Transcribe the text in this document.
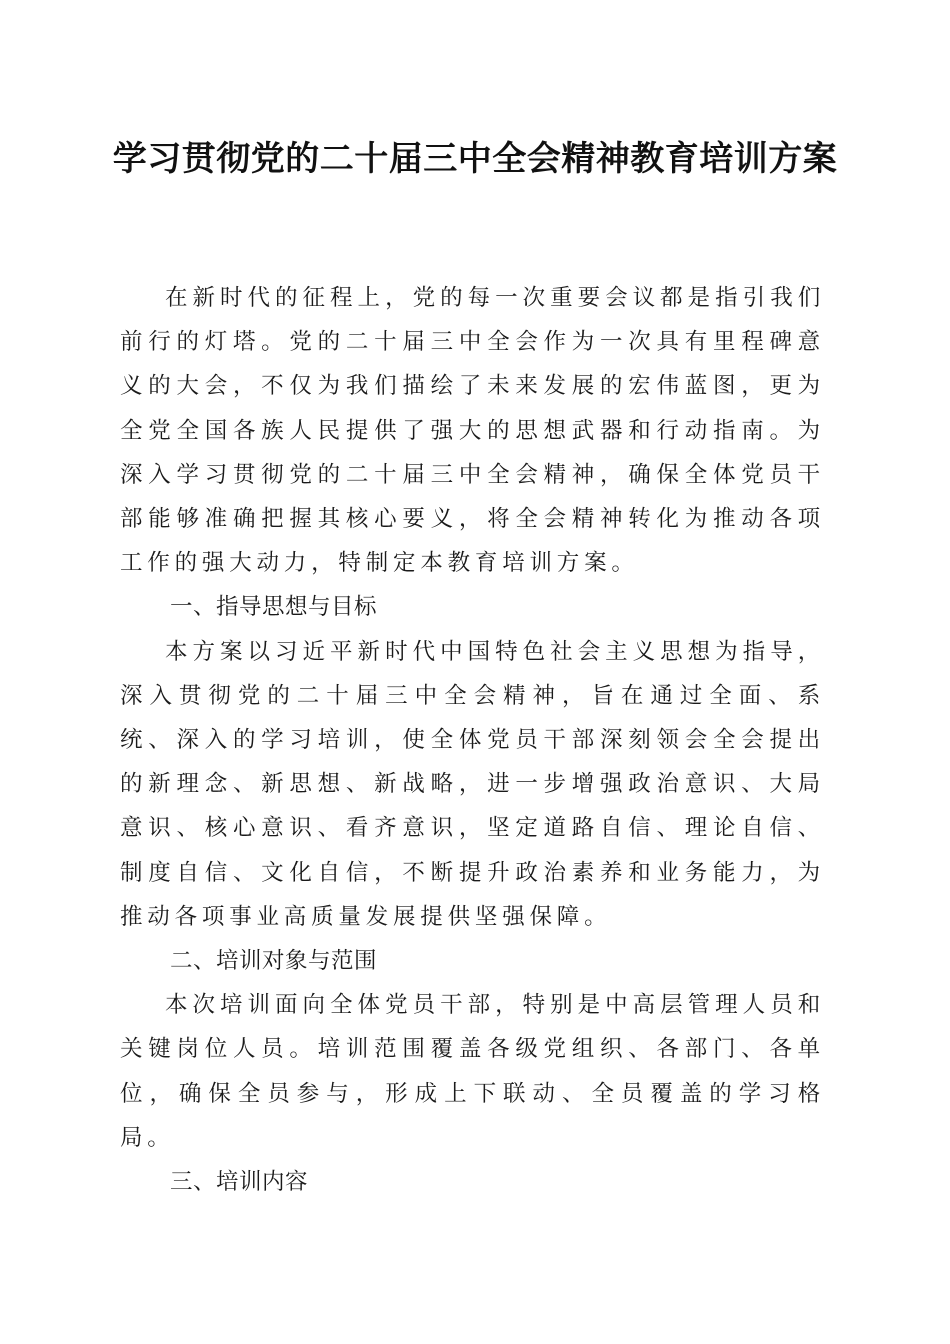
学习贯彻党的二十届三中全会精神教育培训方案

在新时代的征程上，党的每一次重要会议都是指引我们前行的灯塔。党的二十届三中全会作为一次具有里程碑意义的大会，不仅为我们描绘了未来发展的宏伟蓝图，更为全党全国各族人民提供了强大的思想武器和行动指南。为深入学习贯彻党的二十届三中全会精神，确保全体党员干部能够准确把握其核心要义，将全会精神转化为推动各项工作的强大动力，特制定本教育培训方案。

一、指导思想与目标

本方案以习近平新时代中国特色社会主义思想为指导，深入贯彻党的二十届三中全会精神，旨在通过全面、系统、深入的学习培训，使全体党员干部深刻领会全会提出的新理念、新思想、新战略，进一步增强政治意识、大局意识、核心意识、看齐意识，坚定道路自信、理论自信、制度自信、文化自信，不断提升政治素养和业务能力，为推动各项事业高质量发展提供坚强保障。

二、培训对象与范围

本次培训面向全体党员干部，特别是中高层管理人员和关键岗位人员。培训范围覆盖各级党组织、各部门、各单位，确保全员参与，形成上下联动、全员覆盖的学习格局。

三、培训内容
